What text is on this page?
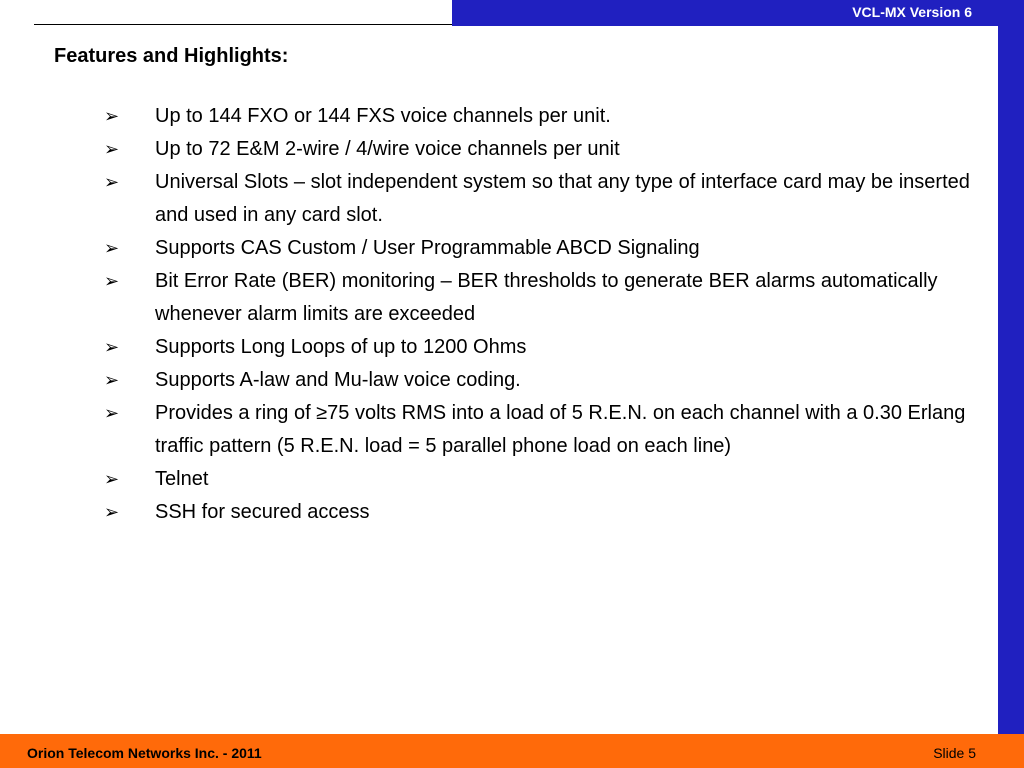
VCL-MX Version 6
Features and Highlights:
➢ Up to 144 FXO or 144 FXS voice channels per unit.
➢ Up to 72 E&M 2-wire / 4/wire voice channels per unit
➢ Universal Slots – slot independent system so that any type of interface card may be inserted and used in any card slot.
➢ Supports CAS Custom / User Programmable ABCD Signaling
➢ Bit Error Rate (BER) monitoring – BER thresholds to generate BER alarms automatically whenever alarm limits are exceeded
➢ Supports Long Loops of up to 1200 Ohms
➢ Supports A-law and Mu-law voice coding.
➢ Provides a ring of ≥75 volts RMS into a load of 5 R.E.N. on each channel with a 0.30 Erlang traffic pattern (5 R.E.N. load = 5 parallel phone load on each line)
➢ Telnet
➢ SSH for secured access
Orion Telecom Networks Inc. - 2011	Slide 5
